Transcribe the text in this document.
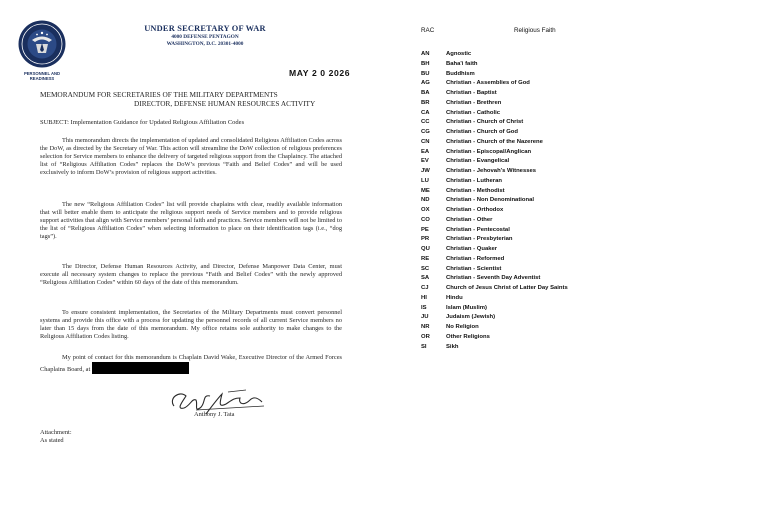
PERSONNEL AND
READINESS
UNDER SECRETARY OF WAR
4000 DEFENSE PENTAGON
WASHINGTON, D.C. 20301-4000
MAY 2 0 2026
MEMORANDUM FOR SECRETARIES OF THE MILITARY DEPARTMENTS
DIRECTOR, DEFENSE HUMAN RESOURCES ACTIVITY
SUBJECT: Implementation Guidance for Updated Religious Affiliation Codes

This memorandum directs the implementation of updated and consolidated Religious Affiliation Codes across the DoW, as directed by the Secretary of War. This action will streamline the DoW collection of religious preferences selection for Service members to enhance the delivery of targeted religious support from the Chaplaincy. The attached list of “Religious Affiliation Codes” replaces the DoW’s previous “Faith and Belief Codes” and will be used exclusively to inform DoW’s provision of religious support activities.

The new “Religious Affiliation Codes” list will provide chaplains with clear, readily available information that will better enable them to anticipate the religious support needs of Service members and to provide religious support activities that align with Service members’ personal faith and practices. Service members will not be limited to the list of “Religious Affiliation Codes” when selecting information to place on their identification tags (i.e., “dog tags”).

The Director, Defense Human Resources Activity, and Director, Defense Manpower Data Center, must execute all necessary system changes to replace the previous “Faith and Belief Codes” with the newly approved “Religious Affiliation Codes” within 60 days of the date of this memorandum.

To ensure consistent implementation, the Secretaries of the Military Departments must convert personnel systems and provide this office with a process for updating the personnel records of all current Service members no later than 15 days from the date of this memorandum. My office retains sole authority to make changes to the Religious Affiliation Codes listing.

My point of contact for this memorandum is Chaplain David Wake, Executive Director of the Armed Forces Chaplains Board, at

Anthony J. Tata
Attachment:
As stated
RAC	Religious Faith
AN	Agnostic
BH	Baha'i faith
BU	Buddhism
AG	Christian - Assemblies of God
BA	Christian - Baptist
BR	Christian - Brethren
CA	Christian - Catholic
CC	Christian - Church of Christ
CG	Christian - Church of God
CN	Christian - Church of the Nazerene
EA	Christian - Episcopal/Anglican
EV	Christian - Evangelical
JW	Christian - Jehovah's Witnesses
LU	Christian - Lutheran
ME	Christian - Methodist
ND	Christian - Non Denominational
OX	Christian - Orthodox
CO	Christian - Other
PE	Christian - Pentecostal
PR	Christian - Presbyterian
QU	Christian - Quaker
RE	Christian - Reformed
SC	Christian - Scientist
SA	Christian - Seventh Day Adventist
CJ	Church of Jesus Christ of Latter Day Saints
HI	Hindu
IS	Islam (Muslim)
JU	Judaism (Jewish)
NR	No Religion
OR	Other Religions
SI	Sikh
